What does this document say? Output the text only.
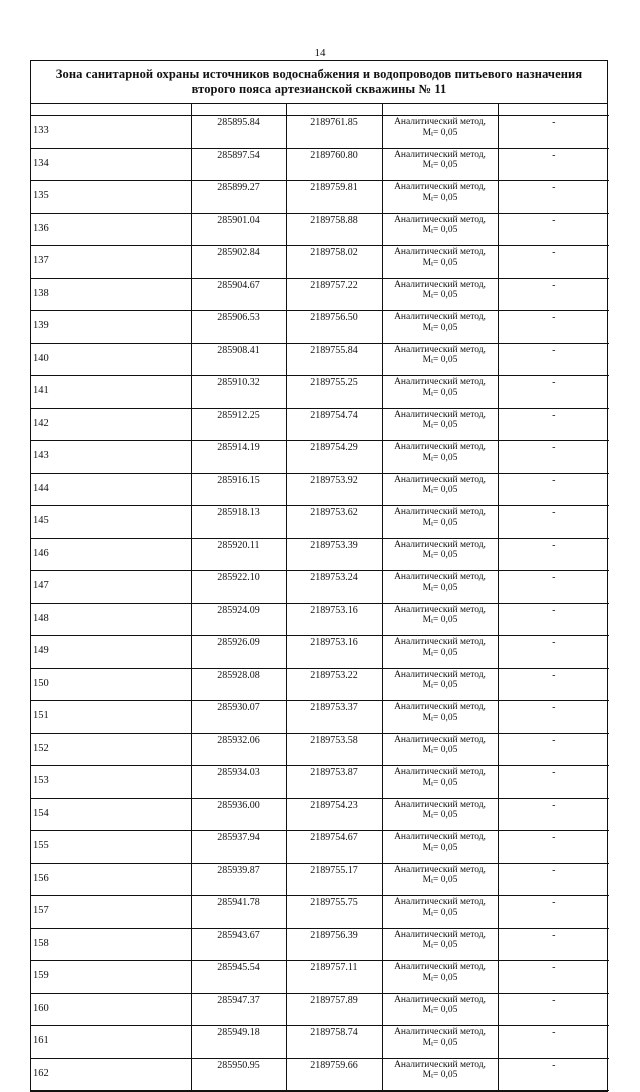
14
Зона санитарной охраны источников водоснабжения и водопроводов питьевого назначения
второго пояса артезианской скважины № 11

133	285895.84	2189761.85	Аналитический метод,
Mt= 0,05	-
134	285897.54	2189760.80	Аналитический метод,
Mt= 0,05	-
135	285899.27	2189759.81	Аналитический метод,
Mt= 0,05	-
136	285901.04	2189758.88	Аналитический метод,
Mt= 0,05	-
137	285902.84	2189758.02	Аналитический метод,
Mt= 0,05	-
138	285904.67	2189757.22	Аналитический метод,
Mt= 0,05	-
139	285906.53	2189756.50	Аналитический метод,
Mt= 0,05	-
140	285908.41	2189755.84	Аналитический метод,
Mt= 0,05	-
141	285910.32	2189755.25	Аналитический метод,
Mt= 0,05	-
142	285912.25	2189754.74	Аналитический метод,
Mt= 0,05	-
143	285914.19	2189754.29	Аналитический метод,
Mt= 0,05	-
144	285916.15	2189753.92	Аналитический метод,
Mt= 0,05	-
145	285918.13	2189753.62	Аналитический метод,
Mt= 0,05	-
146	285920.11	2189753.39	Аналитический метод,
Mt= 0,05	-
147	285922.10	2189753.24	Аналитический метод,
Mt= 0,05	-
148	285924.09	2189753.16	Аналитический метод,
Mt= 0,05	-
149	285926.09	2189753.16	Аналитический метод,
Mt= 0,05	-
150	285928.08	2189753.22	Аналитический метод,
Mt= 0,05	-
151	285930.07	2189753.37	Аналитический метод,
Mt= 0,05	-
152	285932.06	2189753.58	Аналитический метод,
Mt= 0,05	-
153	285934.03	2189753.87	Аналитический метод,
Mt= 0,05	-
154	285936.00	2189754.23	Аналитический метод,
Mt= 0,05	-
155	285937.94	2189754.67	Аналитический метод,
Mt= 0,05	-
156	285939.87	2189755.17	Аналитический метод,
Mt= 0,05	-
157	285941.78	2189755.75	Аналитический метод,
Mt= 0,05	-
158	285943.67	2189756.39	Аналитический метод,
Mt= 0,05	-
159	285945.54	2189757.11	Аналитический метод,
Mt= 0,05	-
160	285947.37	2189757.89	Аналитический метод,
Mt= 0,05	-
161	285949.18	2189758.74	Аналитический метод,
Mt= 0,05	-
162	285950.95	2189759.66	Аналитический метод,
Mt= 0,05	-
